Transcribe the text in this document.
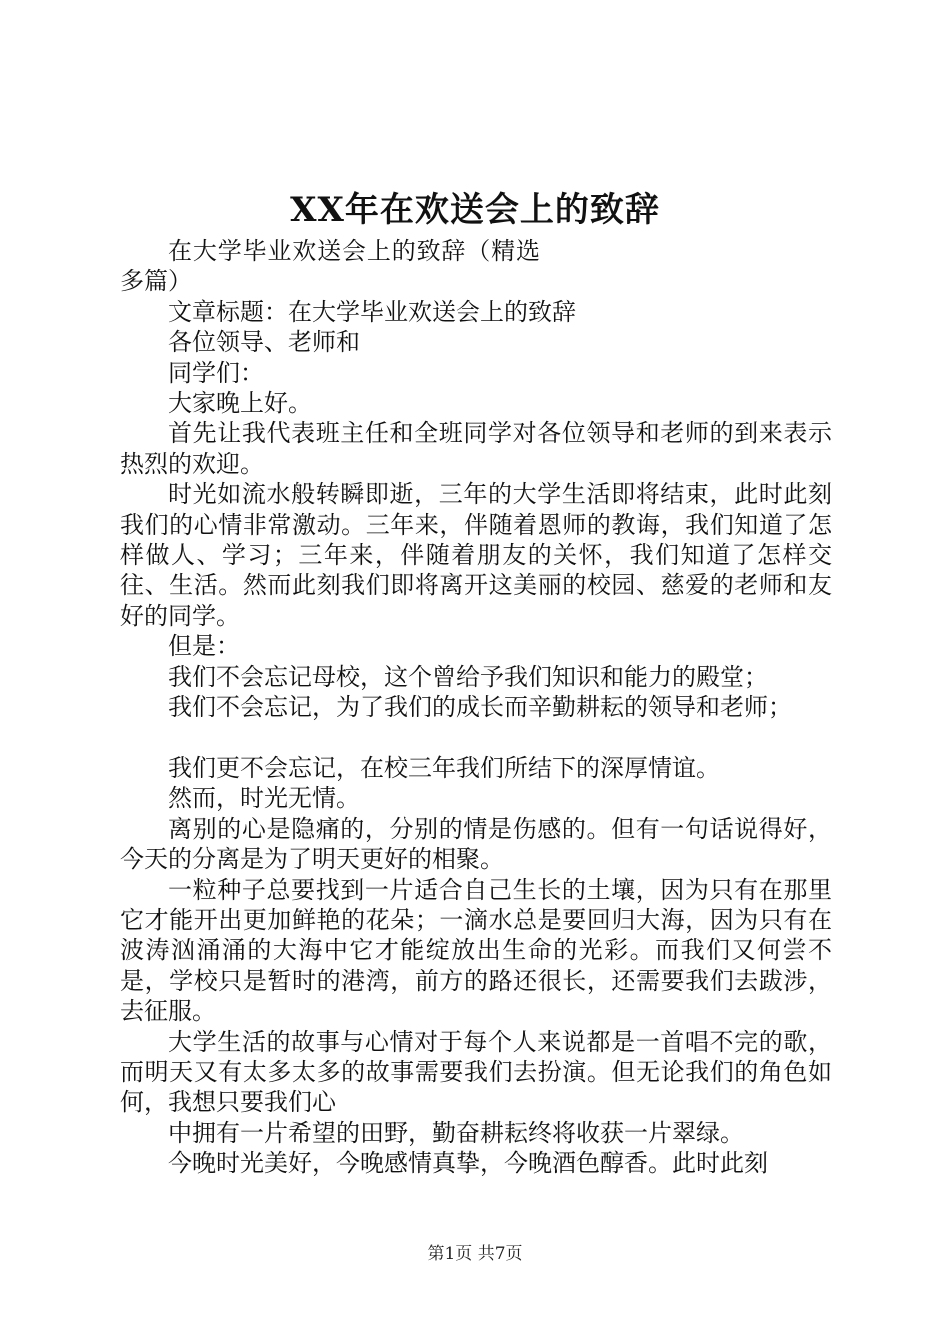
XX年在欢送会上的致辞

在大学毕业欢送会上的致辞（精选多篇）

文章标题：在大学毕业欢送会上的致辞

各位领导、老师和

同学们：

大家晚上好。

首先让我代表班主任和全班同学对各位领导和老师的到来表示热烈的欢迎。

时光如流水般转瞬即逝，三年的大学生活即将结束，此时此刻我们的心情非常激动。三年来，伴随着恩师的教诲，我们知道了怎样做人、学习；三年来，伴随着朋友的关怀，我们知道了怎样交往、生活。然而此刻我们即将离开这美丽的校园、慈爱的老师和友好的同学。

但是：

我们不会忘记母校，这个曾给予我们知识和能力的殿堂；

我们不会忘记，为了我们的成长而辛勤耕耘的领导和老师；

我们更不会忘记，在校三年我们所结下的深厚情谊。

然而，时光无情。

离别的心是隐痛的，分别的情是伤感的。但有一句话说得好，今天的分离是为了明天更好的相聚。

一粒种子总要找到一片适合自己生长的土壤，因为只有在那里它才能开出更加鲜艳的花朵；一滴水总是要回归大海，因为只有在波涛汹涌涌的大海中它才能绽放出生命的光彩。而我们又何尝不是，学校只是暂时的港湾，前方的路还很长，还需要我们去跋涉，去征服。

大学生活的故事与心情对于每个人来说都是一首唱不完的歌，而明天又有太多太多的故事需要我们去扮演。但无论我们的角色如何，我想只要我们心

中拥有一片希望的田野，勤奋耕耘终将收获一片翠绿。

今晚时光美好，今晚感情真挚，今晚酒色醇香。此时此刻

第1页 共7页
